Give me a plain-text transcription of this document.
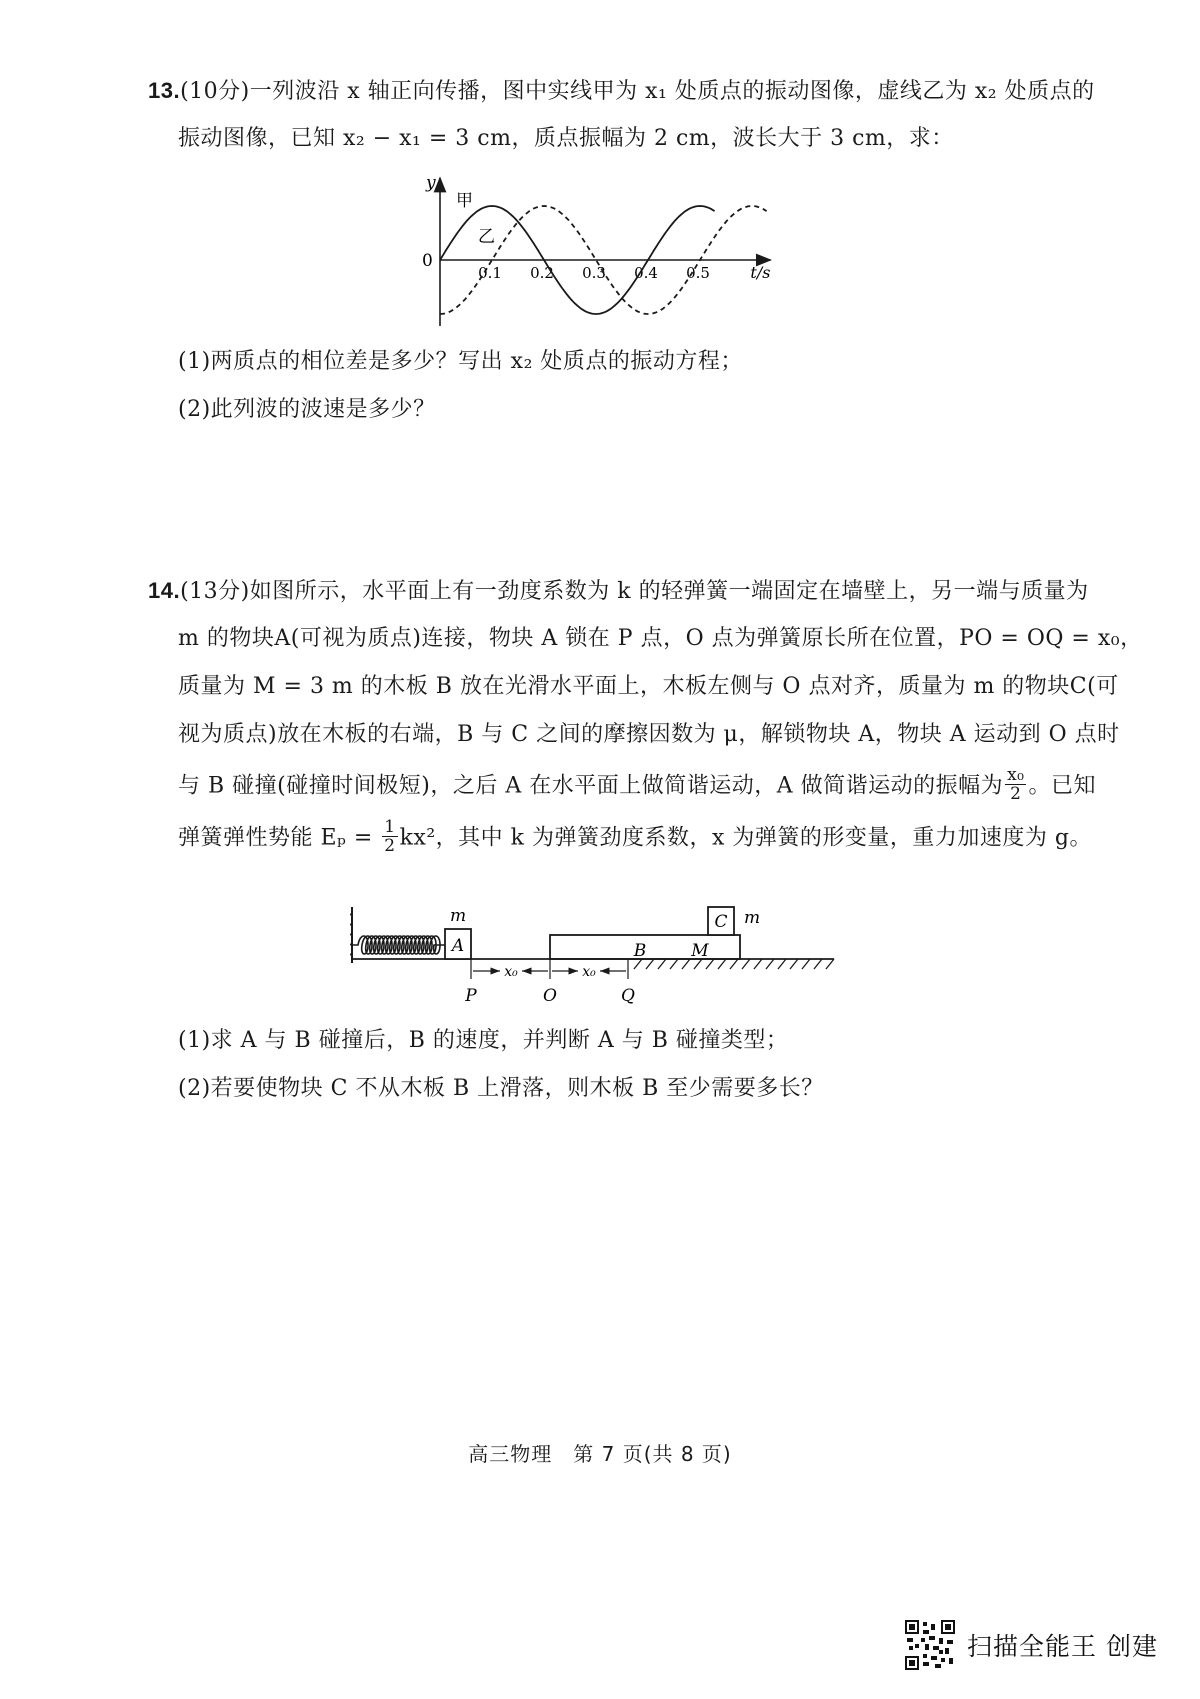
13.(10分)一列波沿 x 轴正向传播，图中实线甲为 x₁ 处质点的振动图像，虚线乙为 x₂ 处质点的
振动图像，已知 x₂ − x₁ = 3 cm，质点振幅为 2 cm，波长大于 3 cm，求：
y
t/s
0
0.1 0.2 0.3 0.4 0.5
甲
乙
(1)两质点的相位差是多少？写出 x₂ 处质点的振动方程；
(2)此列波的波速是多少？
14.(13分)如图所示，水平面上有一劲度系数为 k 的轻弹簧一端固定在墙壁上，另一端与质量为
m 的物块A(可视为质点)连接，物块 A 锁在 P 点，O 点为弹簧原长所在位置，PO = OQ = x₀，
质量为 M = 3 m 的木板 B 放在光滑水平面上，木板左侧与 O 点对齐，质量为 m 的物块C(可
视为质点)放在木板的右端，B 与 C 之间的摩擦因数为 μ，解锁物块 A，物块 A 运动到 O 点时
与 B 碰撞(碰撞时间极短)，之后 A 在水平面上做简谐运动，A 做简谐运动的振幅为 $\frac{\text{x₀}}{2}$ 。已知
弹簧弹性势能 $E_p = \frac{1}{2} kx^2$，其中 k 为弹簧劲度系数，x 为弹簧的形变量，重力加速度为 g。
A
m
B	M
C m
x₀	x₀
P	O	Q
(1)求 A 与 B 碰撞后，B 的速度，并判断 A 与 B 碰撞类型；
(2)若要使物块 C 不从木板 B 上滑落，则木板 B 至少需要多长？
高三物理　第 7 页(共 8 页)
扫描全能王 创建
